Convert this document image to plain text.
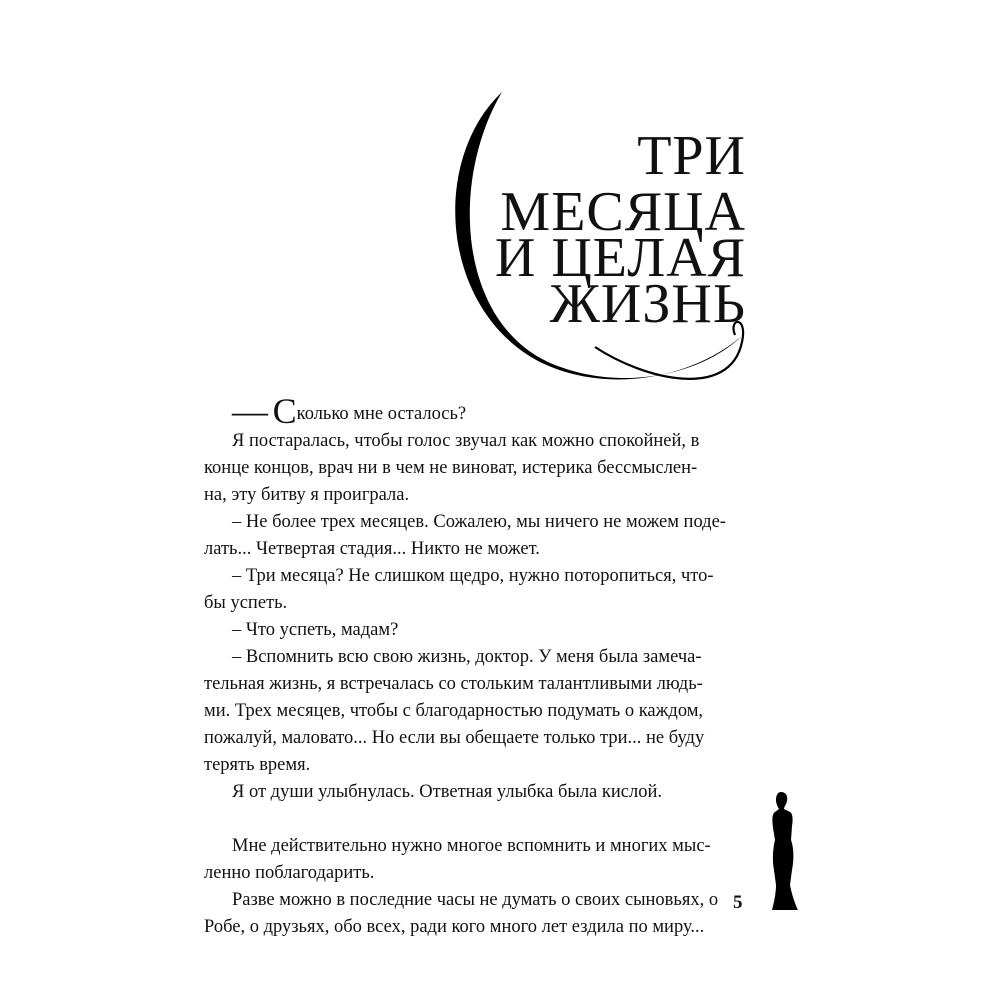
ТРИ
МЕСЯЦА
И ЦЕЛАЯ
ЖИЗНЬ

— Сколько мне осталось?

Я постаралась, чтобы голос звучал как можно спокойней, в

конце концов, врач ни в чем не виноват, истерика бессмыслен-

на, эту битву я проиграла.

– Не более трех месяцев. Сожалею, мы ничего не можем поде-

лать... Четвертая стадия... Никто не может.

– Три месяца? Не слишком щедро, нужно поторопиться, что-

бы успеть.

– Что успеть, мадам?

– Вспомнить всю свою жизнь, доктор. У меня была замеча-

тельная жизнь, я встречалась со стольким талантливыми людь-

ми. Трех месяцев, чтобы с благодарностью подумать о каждом,

пожалуй, маловато... Но если вы обещаете только три... не буду

терять время.

Я от души улыбнулась. Ответная улыбка была кислой.

Мне действительно нужно многое вспомнить и многих мыс-

ленно поблагодарить.

Разве можно в последние часы не думать о своих сыновьях, о

Робе, о друзьях, обо всех, ради кого много лет ездила по миру...

5
